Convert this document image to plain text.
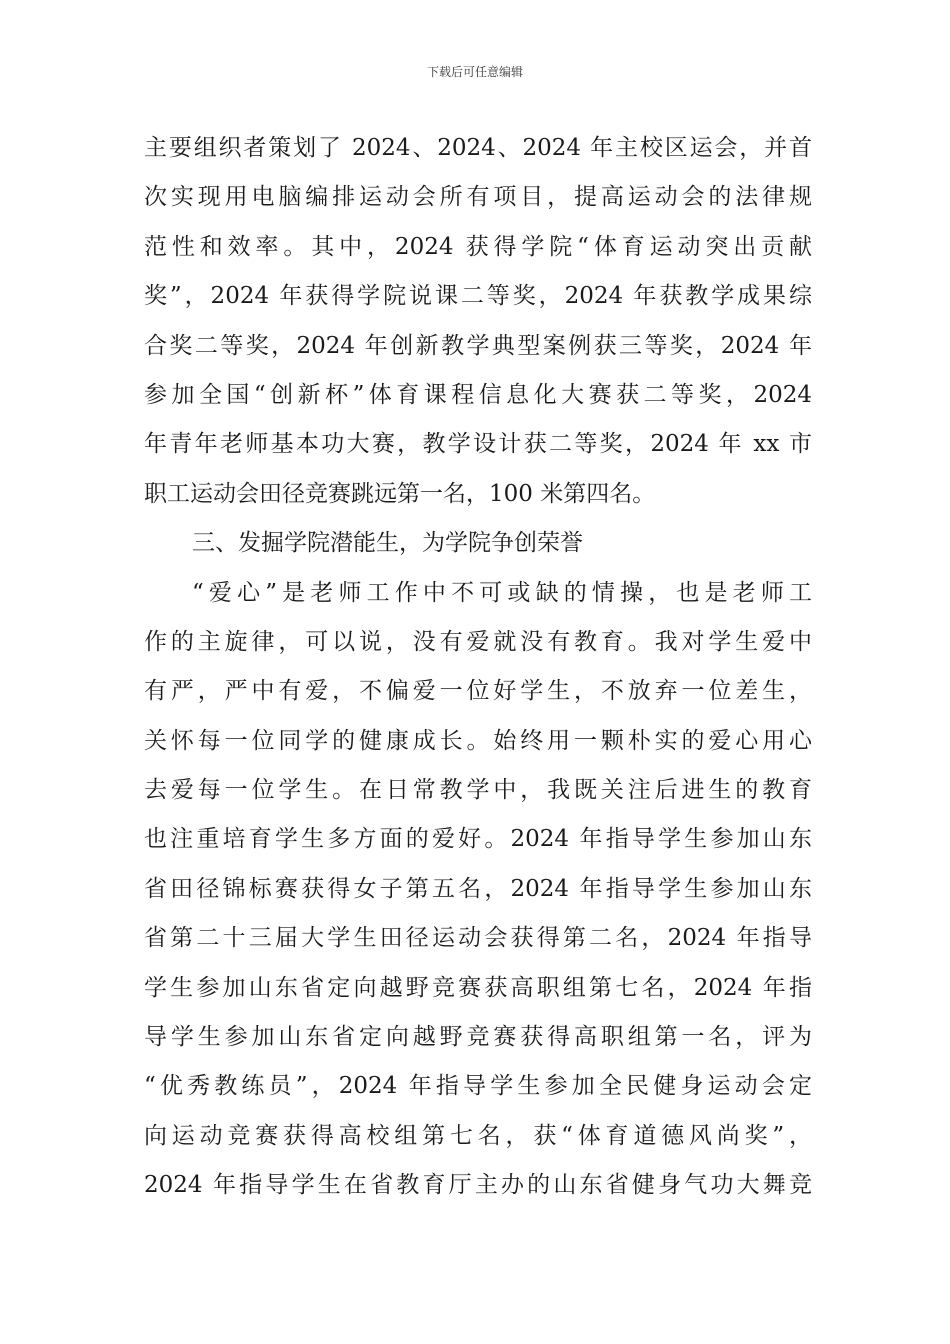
下载后可任意编辑
主要组织者策划了 2024、2024、2024 年主校区运会，并首
次实现用电脑编排运动会所有项目，提高运动会的法律规
范性和效率。其中，2024 获得学院“体育运动突出贡献
奖”，2024 年获得学院说课二等奖，2024 年获教学成果综
合奖二等奖，2024 年创新教学典型案例获三等奖，2024 年
参加全国“创新杯”体育课程信息化大赛获二等奖，2024
年青年老师基本功大赛，教学设计获二等奖，2024 年 xx 市
职工运动会田径竞赛跳远第一名，100 米第四名。
三、发掘学院潜能生，为学院争创荣誉
“爱心”是老师工作中不可或缺的情操，也是老师工
作的主旋律，可以说，没有爱就没有教育。我对学生爱中
有严，严中有爱，不偏爱一位好学生，不放弃一位差生，
关怀每一位同学的健康成长。始终用一颗朴实的爱心用心
去爱每一位学生。在日常教学中，我既关注后进生的教育
也注重培育学生多方面的爱好。2024 年指导学生参加山东
省田径锦标赛获得女子第五名，2024 年指导学生参加山东
省第二十三届大学生田径运动会获得第二名，2024 年指导
学生参加山东省定向越野竞赛获高职组第七名，2024 年指
导学生参加山东省定向越野竞赛获得高职组第一名，评为
“优秀教练员”，2024 年指导学生参加全民健身运动会定
向运动竞赛获得高校组第七名，获“体育道德风尚奖”，
2024 年指导学生在省教育厅主办的山东省健身气功大舞竞
